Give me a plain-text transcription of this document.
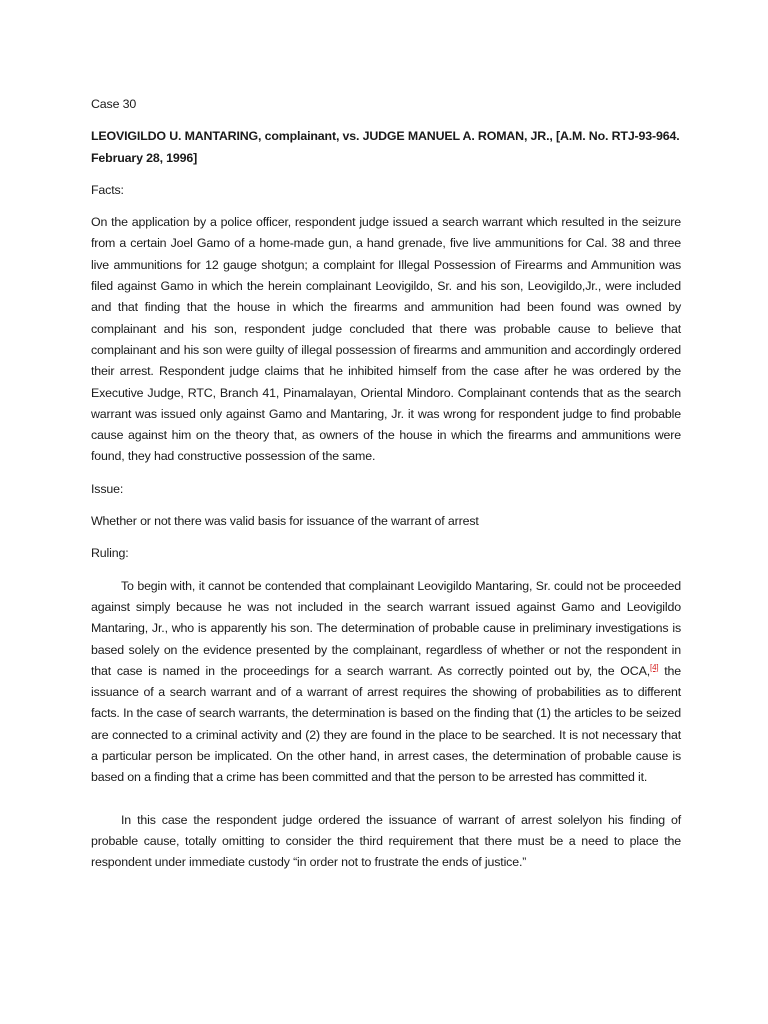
Case 30

LEOVIGILDO U. MANTARING, complainant, vs. JUDGE MANUEL A. ROMAN, JR., [A.M. No. RTJ-93-964. February 28, 1996]

Facts:

On the application by a police officer, respondent judge issued a search warrant which resulted in the seizure from a certain Joel Gamo of a home-made gun, a hand grenade, five live ammunitions for Cal. 38 and three live ammunitions for 12 gauge shotgun; a complaint for Illegal Possession of Firearms and Ammunition was filed against Gamo in which the herein complainant Leovigildo, Sr. and his son, Leovigildo,Jr., were included and that finding that the house in which the firearms and ammunition had been found was owned by complainant and his son, respondent judge concluded that there was probable cause to believe that complainant and his son were guilty of illegal possession of firearms and ammunition and accordingly ordered their arrest. Respondent judge claims that he inhibited himself from the case after he was ordered by the Executive Judge, RTC, Branch 41, Pinamalayan, Oriental Mindoro. Complainant contends that as the search warrant was issued only against Gamo and Mantaring, Jr. it was wrong for respondent judge to find probable cause against him on the theory that, as owners of the house in which the firearms and ammunitions were found, they had constructive possession of the same.

Issue:

Whether or not there was valid basis for issuance of the warrant of arrest

Ruling:

To begin with, it cannot be contended that complainant Leovigildo Mantaring, Sr. could not be proceeded against simply because he was not included in the search warrant issued against Gamo and Leovigildo Mantaring, Jr., who is apparently his son. The determination of probable cause in preliminary investigations is based solely on the evidence presented by the complainant, regardless of whether or not the respondent in that case is named in the proceedings for a search warrant. As correctly pointed out by, the OCA,[4] the issuance of a search warrant and of a warrant of arrest requires the showing of probabilities as to different facts. In the case of search warrants, the determination is based on the finding that (1) the articles to be seized are connected to a criminal activity and (2) they are found in the place to be searched. It is not necessary that a particular person be implicated. On the other hand, in arrest cases, the determination of probable cause is based on a finding that a crime has been committed and that the person to be arrested has committed it.

In this case the respondent judge ordered the issuance of warrant of arrest solelyon his finding of probable cause, totally omitting to consider the third requirement that there must be a need to place the respondent under immediate custody “in order not to frustrate the ends of justice.”
